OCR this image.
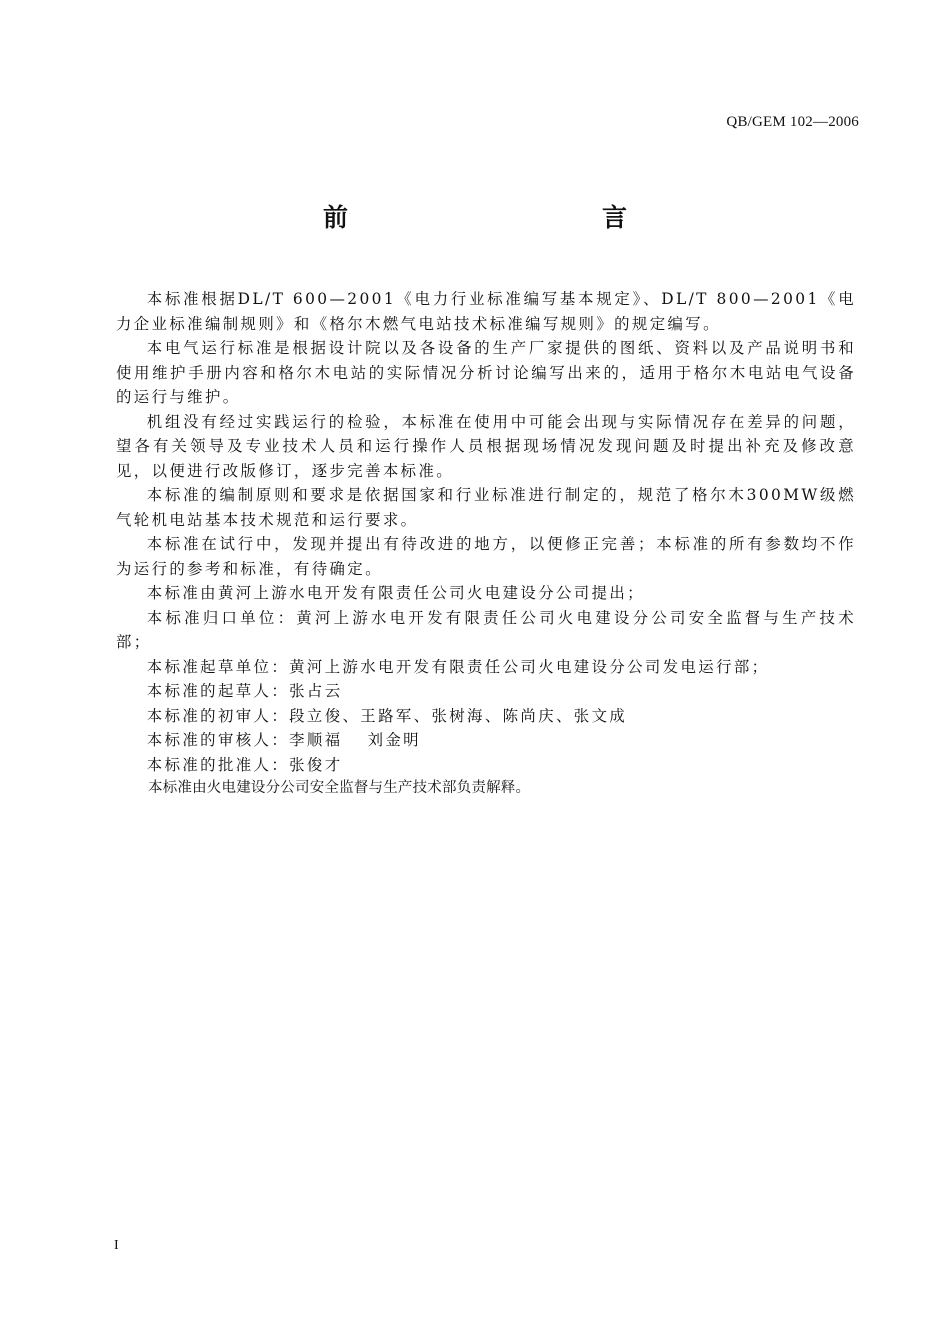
QB/GEM 102—2006
前　　言

本标准根据DL/T 600—2001《电力行业标准编写基本规定》、DL/T 800—2001《电力企业标准编制规则》和《格尔木燃气电站技术标准编写规则》的规定编写。

本电气运行标准是根据设计院以及各设备的生产厂家提供的图纸、资料以及产品说明书和使用维护手册内容和格尔木电站的实际情况分析讨论编写出来的，适用于格尔木电站电气设备的运行与维护。

机组没有经过实践运行的检验，本标准在使用中可能会出现与实际情况存在差异的问题，望各有关领导及专业技术人员和运行操作人员根据现场情况发现问题及时提出补充及修改意见，以便进行改版修订，逐步完善本标准。

本标准的编制原则和要求是依据国家和行业标准进行制定的，规范了格尔木300MW级燃气轮机电站基本技术规范和运行要求。

本标准在试行中，发现并提出有待改进的地方，以便修正完善；本标准的所有参数均不作为运行的参考和标准，有待确定。

本标准由黄河上游水电开发有限责任公司火电建设分公司提出；

本标准归口单位：黄河上游水电开发有限责任公司火电建设分公司安全监督与生产技术部；

本标准起草单位：黄河上游水电开发有限责任公司火电建设分公司发电运行部；

本标准的起草人：张占云

本标准的初审人：段立俊、王路军、张树海、陈尚庆、张文成

本标准的审核人：李顺福　 刘金明

本标准的批准人：张俊才

本标准由火电建设分公司安全监督与生产技术部负责解释。

I
